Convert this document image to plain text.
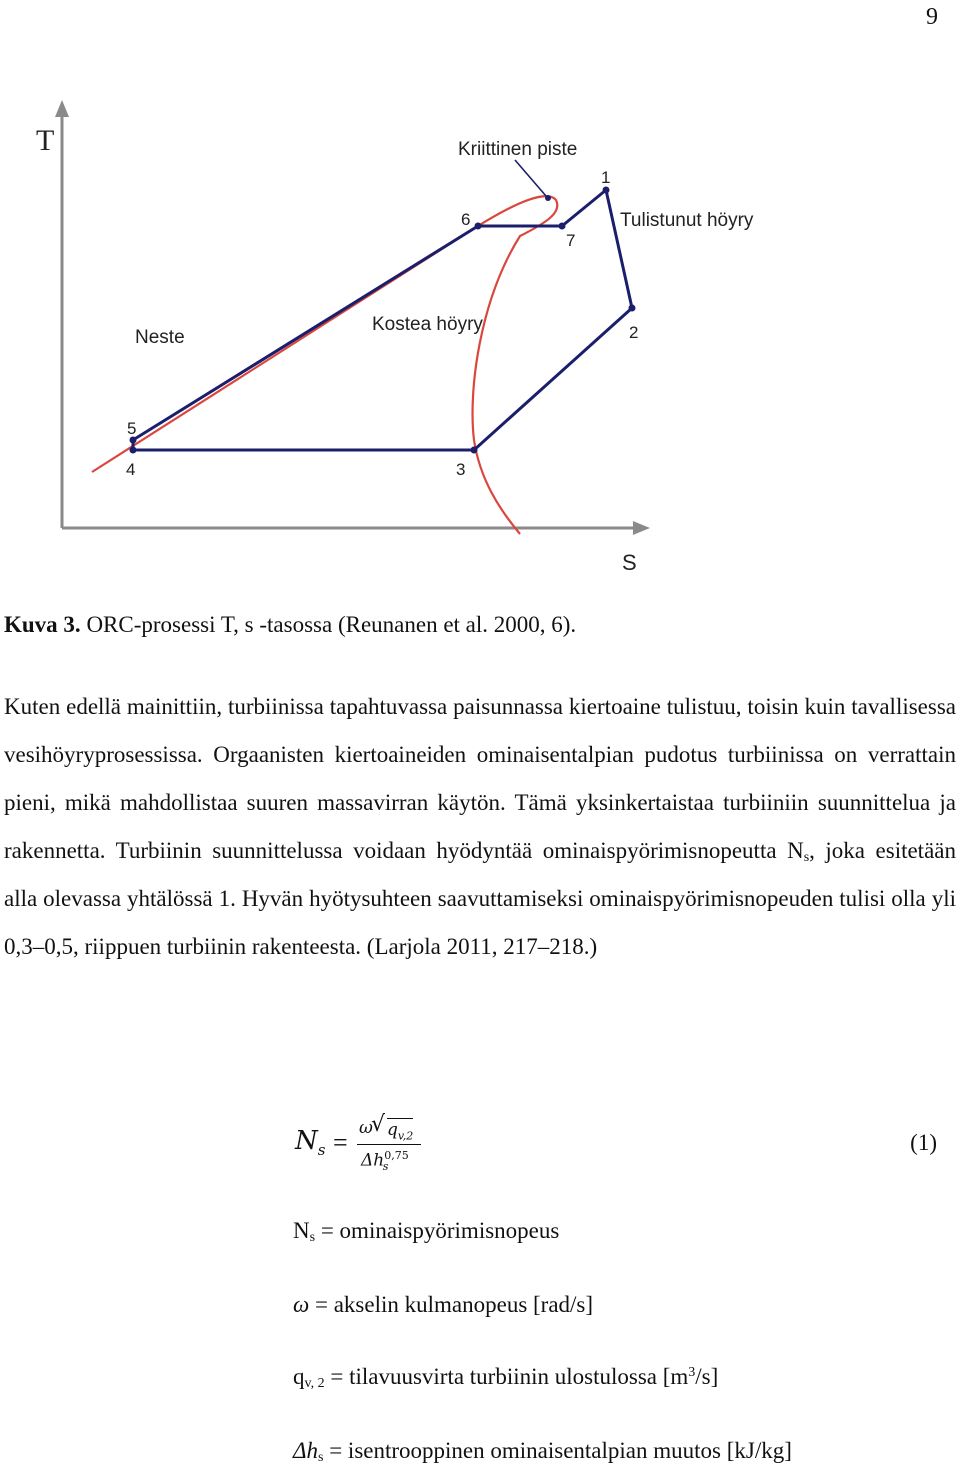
9
T
S
Kriittinen piste
Tulistunut höyry
Neste
Kostea höyry
1
2
3
4
5
6
7
Kuva 3. ORC-prosessi T, s -tasossa (Reunanen et al. 2000, 6).
Kuten edellä mainittiin, turbiinissa tapahtuvassa paisunnassa kiertoaine tulistuu, toisin kuin tavallisessa vesihöyryprosessissa. Orgaanisten kiertoaineiden ominaisentalpian pudotus turbiinissa on verrattain pieni, mikä mahdollistaa suuren massavirran käytön. Tämä yksinkertaistaa turbiiniin suunnittelua ja rakennetta. Turbiinin suunnittelussa voidaan hyödyntää ominaispyörimisnopeutta $N_s$, joka esitetään alla olevassa yhtälössä 1. Hyvän hyötysuhteen saavuttamiseksi ominaispyörimisnopeuden tulisi olla yli 0,3–0,5, riippuen turbiinin rakenteesta. (Larjola 2011, 217–218.)
$N_s = \omega$
√ $q_{v,2}$
Δh$^{0,75}_s$
(1)
$N_s$ = ominaispyörimisnopeus
ω = akselin kulmanopeus [rad/s]
$q_{v, 2}$ = tilavuusvirta turbiinin ulostulossa $[m^3/s]$
$\Delta h_s$ = isentrooppinen ominaisentalpian muutos [kJ/kg]
